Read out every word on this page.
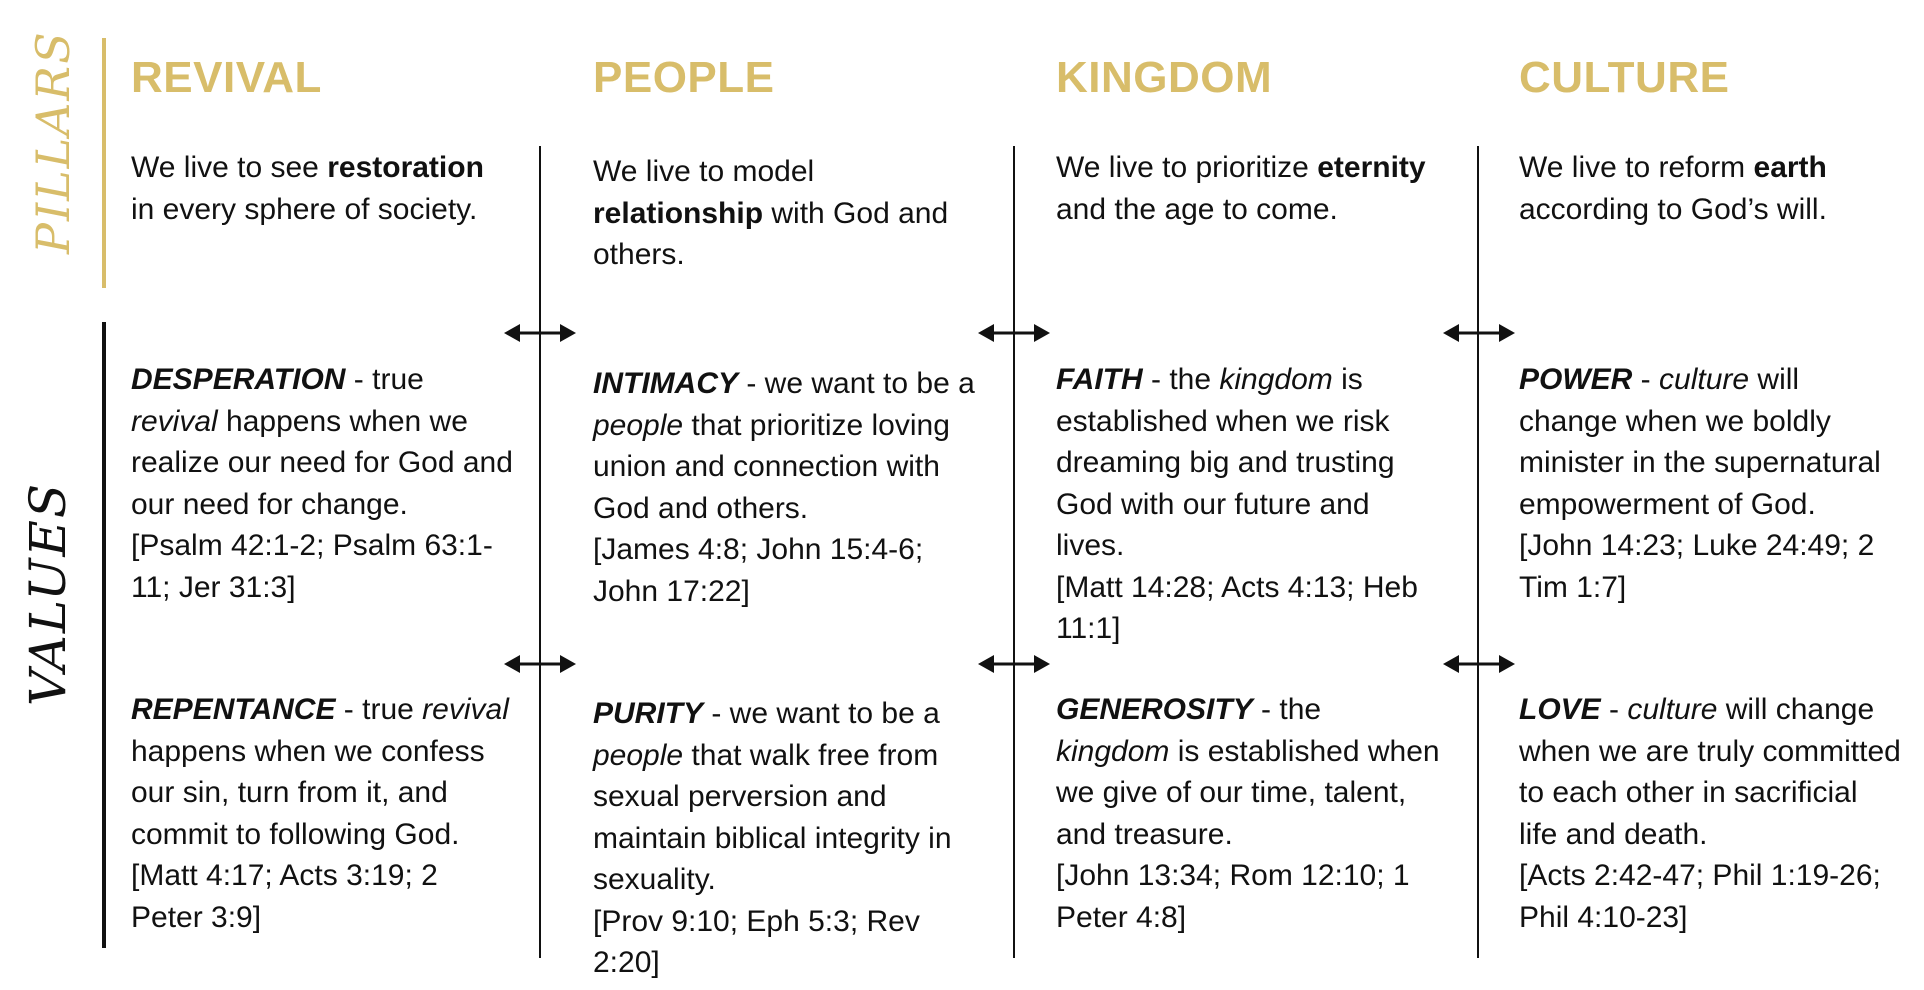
PILLARS
VALUES
REVIVAL

We live to see restoration in every sphere of society.

DESPERATION - true revival happens when we realize our need for God and our need for change.
[Psalm 42:1-2; Psalm 63:1-11; Jer 31:3]

REPENTANCE - true revival happens when we confess our sin, turn from it, and commit to following God.
[Matt 4:17; Acts 3:19; 2 Peter 3:9]

PEOPLE

We live to model relationship with God and others.

INTIMACY - we want to be a people that prioritize loving union and connection with God and others.
[James 4:8; John 15:4-6; John 17:22]

PURITY - we want to be a people that walk free from sexual perversion and maintain biblical integrity in sexuality.
[Prov 9:10; Eph 5:3; Rev 2:20]

KINGDOM

We live to prioritize eternity and the age to come.

FAITH - the kingdom is established when we risk dreaming big and trusting God with our future and lives.
[Matt 14:28; Acts 4:13; Heb 11:1]

GENEROSITY - the kingdom is established when we give of our time, talent, and treasure.
[John 13:34; Rom 12:10; 1 Peter 4:8]

CULTURE

We live to reform earth according to God’s will.

POWER - culture will change when we boldly minister in the supernatural empowerment of God.
[John 14:23; Luke 24:49; 2 Tim 1:7]

LOVE - culture will change when we are truly committed to each other in sacrificial life and death.
[Acts 2:42-47; Phil 1:19-26; Phil 4:10-23]
